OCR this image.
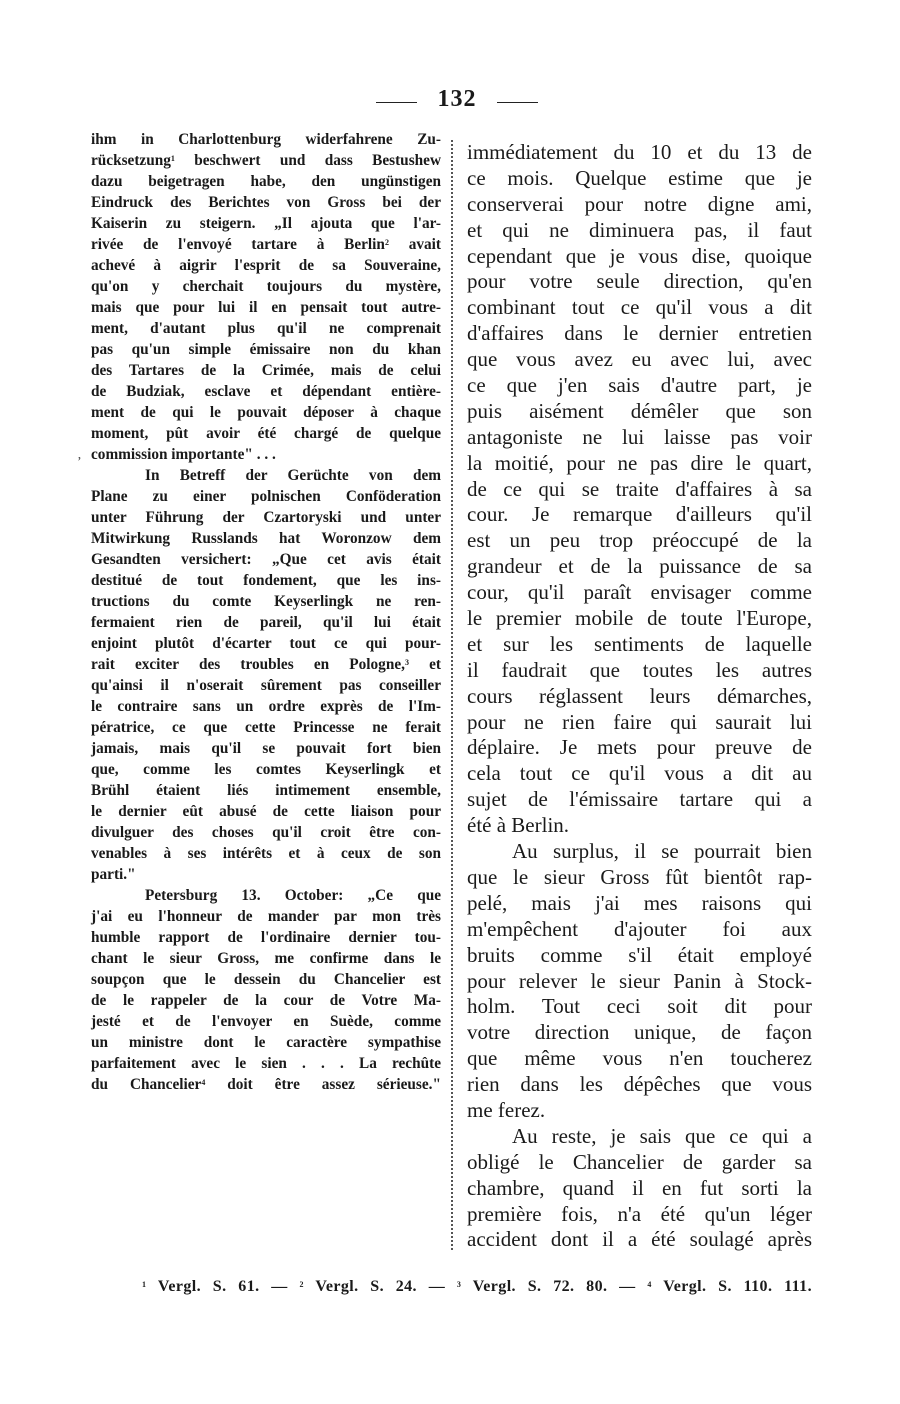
132
ihm in Charlottenburg widerfahrene Zu-
rücksetzung$^1$ beschwert und dass Bestushew
dazu beigetragen habe, den ungünstigen
Eindruck des Berichtes von Gross bei der
Kaiserin zu steigern. „Il ajouta que l'ar-
rivée de l'envoyé tartare à Berlin$^2$ avait
achevé à aigrir l'esprit de sa Souveraine,
qu'on y cherchait toujours du mystère,
mais que pour lui il en pensait tout autre-
ment, d'autant plus qu'il ne comprenait
pas qu'un simple émissaire non du khan
des Tartares de la Crimée, mais de celui
de Budziak, esclave et dépendant entière-
ment de qui le pouvait déposer à chaque
moment, pût avoir été chargé de quelque
commission importante" . . .
In Betreff der Gerüchte von dem
Plane zu einer polnischen Conföderation
unter Führung der Czartoryski und unter
Mitwirkung Russlands hat Woronzow dem
Gesandten versichert: „Que cet avis était
destitué de tout fondement, que les ins-
tructions du comte Keyserlingk ne ren-
fermaient rien de pareil, qu'il lui était
enjoint plutôt d'écarter tout ce qui pour-
rait exciter des troubles en Pologne,$^3$ et
qu'ainsi il n'oserait sûrement pas conseiller
le contraire sans un ordre exprès de l'Im-
pératrice, ce que cette Princesse ne ferait
jamais, mais qu'il se pouvait fort bien
que, comme les comtes Keyserlingk et
Brühl étaient liés intimement ensemble,
le dernier eût abusé de cette liaison pour
divulguer des choses qu'il croit être con-
venables à ses intérêts et à ceux de son
parti."
Petersburg 13. October: „Ce que
j'ai eu l'honneur de mander par mon très
humble rapport de l'ordinaire dernier tou-
chant le sieur Gross, me confirme dans le
soupçon que le dessein du Chancelier est
de le rappeler de la cour de Votre Ma-
jesté et de l'envoyer en Suède, comme
un ministre dont le caractère sympathise
parfaitement avec le sien . . . La rechûte
du Chancelier$^4$ doit être assez sérieuse."
ʼ
immédiatement du 10 et du 13 de
ce mois. Quelque estime que je
conserverai pour notre digne ami,
et qui ne diminuera pas, il faut
cependant que je vous dise, quoique
pour votre seule direction, qu'en
combinant tout ce qu'il vous a dit
d'affaires dans le dernier entretien
que vous avez eu avec lui, avec
ce que j'en sais d'autre part, je
puis aisément démêler que son
antagoniste ne lui laisse pas voir
la moitié, pour ne pas dire le quart,
de ce qui se traite d'affaires à sa
cour. Je remarque d'ailleurs qu'il
est un peu trop préoccupé de la
grandeur et de la puissance de sa
cour, qu'il paraît envisager comme
le premier mobile de toute l'Europe,
et sur les sentiments de laquelle
il faudrait que toutes les autres
cours réglassent leurs démarches,
pour ne rien faire qui saurait lui
déplaire. Je mets pour preuve de
cela tout ce qu'il vous a dit au
sujet de l'émissaire tartare qui a
été à Berlin.
Au surplus, il se pourrait bien
que le sieur Gross fût bientôt rap-
pelé, mais j'ai mes raisons qui
m'empêchent d'ajouter foi aux
bruits comme s'il était employé
pour relever le sieur Panin à Stock-
holm. Tout ceci soit dit pour
votre direction unique, de façon
que même vous n'en toucherez
rien dans les dépêches que vous
me ferez.
Au reste, je sais que ce qui a
obligé le Chancelier de garder sa
chambre, quand il en fut sorti la
première fois, n'a été qu'un léger
accident dont il a été soulagé après
$^1$ Vergl. S. 61. — $^2$ Vergl. S. 24. — $^3$ Vergl. S. 72. 80. — $^4$ Vergl. S. 110. 111.
